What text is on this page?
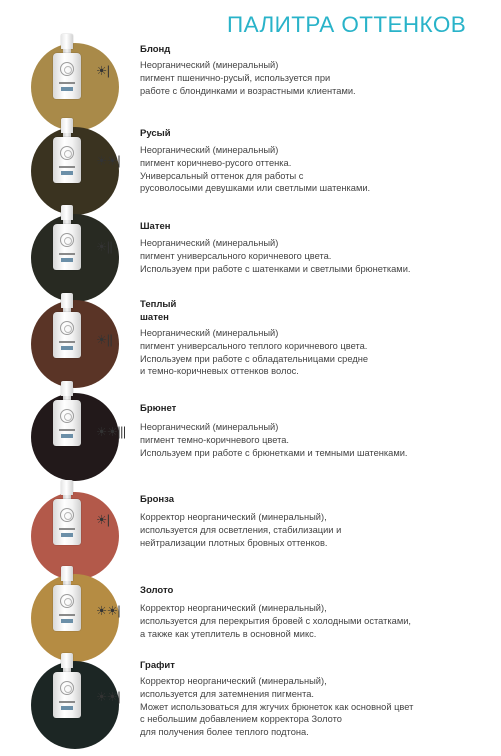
ПАЛИТРА ОТТЕНКОВ
☀|
Блонд
Неорганический (минеральный)
пигмент пшенично-русый, используется при
работе с блондинками и возрастными клиентами.
☀☀|
Русый
Неорганический (минеральный)
пигмент коричнево-русого оттенка.
Универсальный оттенок для работы с
русоволосыми девушками или светлыми шатенками.
☀||
Шатен
Неорганический (минеральный)
пигмент универсального коричневого цвета.
Используем при работе с шатенками и светлыми брюнетками.
☀||
Теплый
шатен
Неорганический (минеральный)
пигмент универсального теплого коричневого цвета.
Используем при работе с обладательницами средне
и темно-коричневых оттенков волос.
☀☀|||
Брюнет
Неорганический (минеральный)
пигмент темно-коричневого цвета.
Используем при работе с брюнетками и темными шатенками.
☀|
Бронза
Корректор неорганический (минеральный),
используется для осветления, стабилизации и
нейтрализации плотных бровных оттенков.
☀☀|
Золото
Корректор неорганический (минеральный),
используется для перекрытия бровей с холодными остатками,
а также как утеплитель в основной микс.
☀☀|
Графит
Корректор неорганический (минеральный),
используется для затемнения пигмента.
Может использоваться для жгучих брюнеток как основной цвет
с небольшим добавлением корректора Золото
для получения более теплого подтона.
